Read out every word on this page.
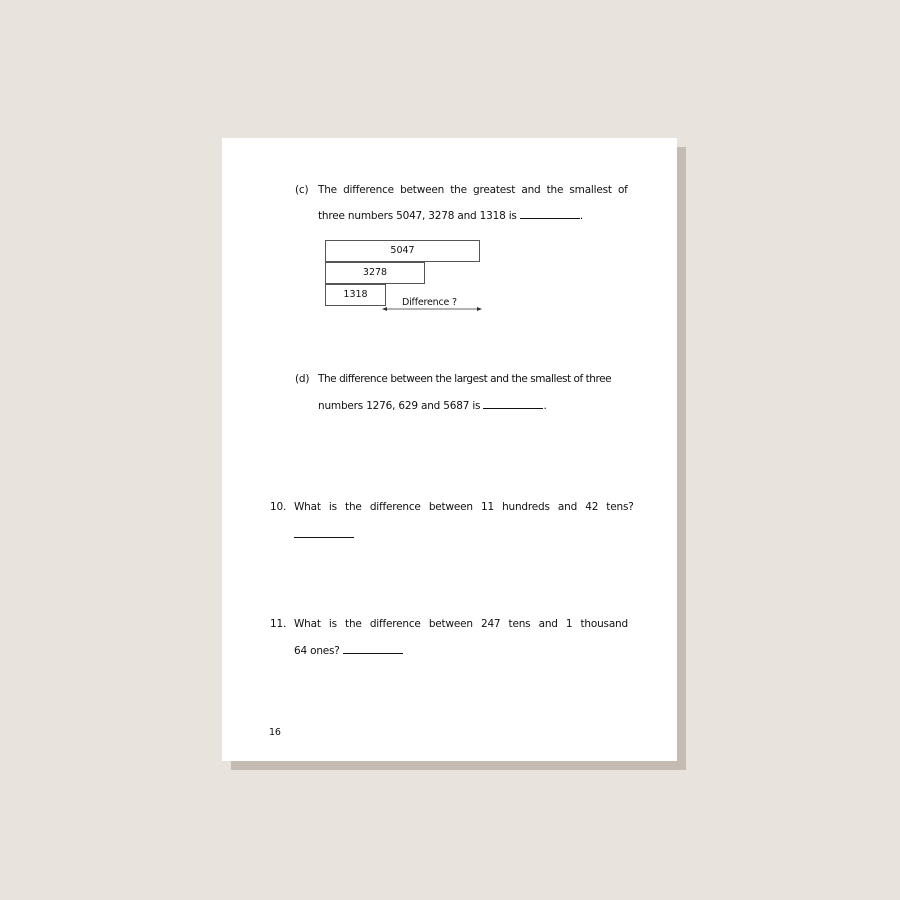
(c) The difference between the greatest and the smallest of
three numbers 5047, 3278 and 1318 is	.
5047
3278
1318
Difference ?
(d) The difference between the largest and the smallest of three
numbers 1276, 629 and 5687 is	.
10. What is the difference between 11 hundreds and 42 tens?
11. What is the difference between 247 tens and 1 thousand
64 ones?
16
